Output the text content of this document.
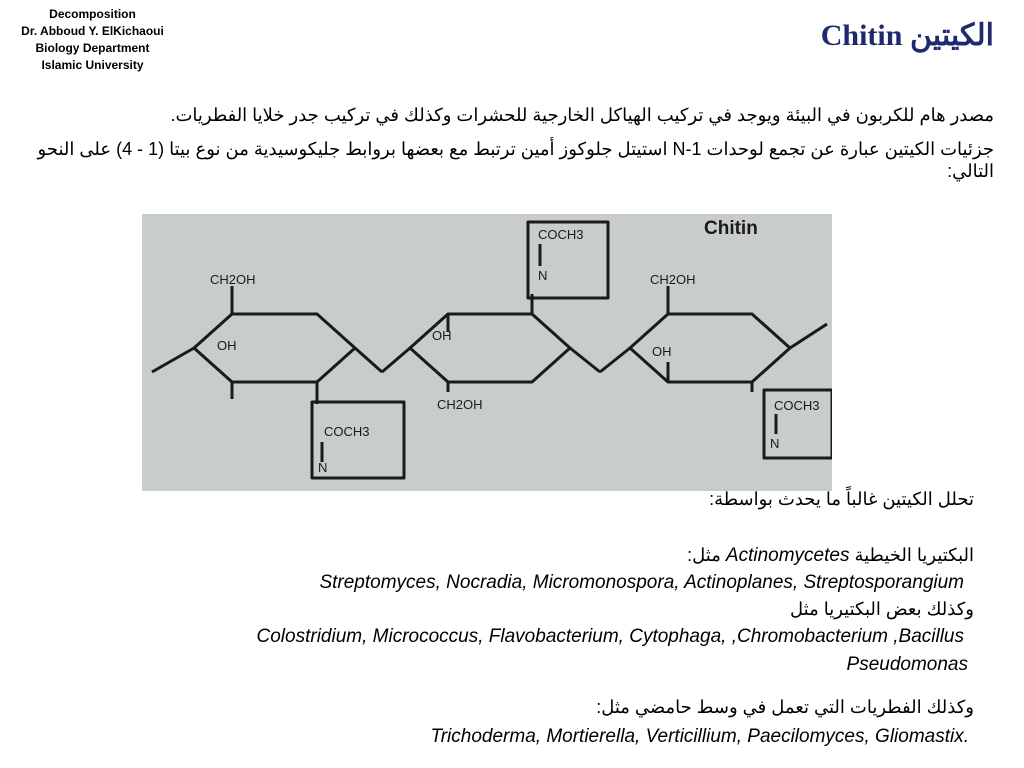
Decomposition
Dr. Abboud Y. ElKichaoui
Biology Department
Islamic University
الكيتين Chitin
مصدر هام للكربون في البيئة ويوجد في تركيب الهياكل الخارجية للحشرات وكذلك في تركيب جدر خلايا الفطريات.
جزئيات الكيتين عبارة عن تجمع لوحدات 1-N استيتل جلوكوز أمين ترتبط مع بعضها بروابط جليكوسيدية من نوع بيتا (1 - 4) على النحو التالي:
Chitin
CH2OH
OH
COCH3
N
OH
CH2OH
COCH3
N	CH2OH
OH
COCH3
N
تحلل الكيتين غالباً ما يحدث بواسطة:
البكتيريا الخيطية Actinomycetes مثل:
Streptomyces, Nocradia, Micromonospora, Actinoplanes, Streptosporangium
وكذلك بعض البكتيريا مثل
Colostridium, Micrococcus, Flavobacterium, Cytophaga, ,Chromobacterium ,Bacillus
Pseudomonas
وكذلك الفطريات التي تعمل في وسط حامضي مثل:
Trichoderma, Mortierella, Verticillium, Paecilomyces, Gliomastix.
